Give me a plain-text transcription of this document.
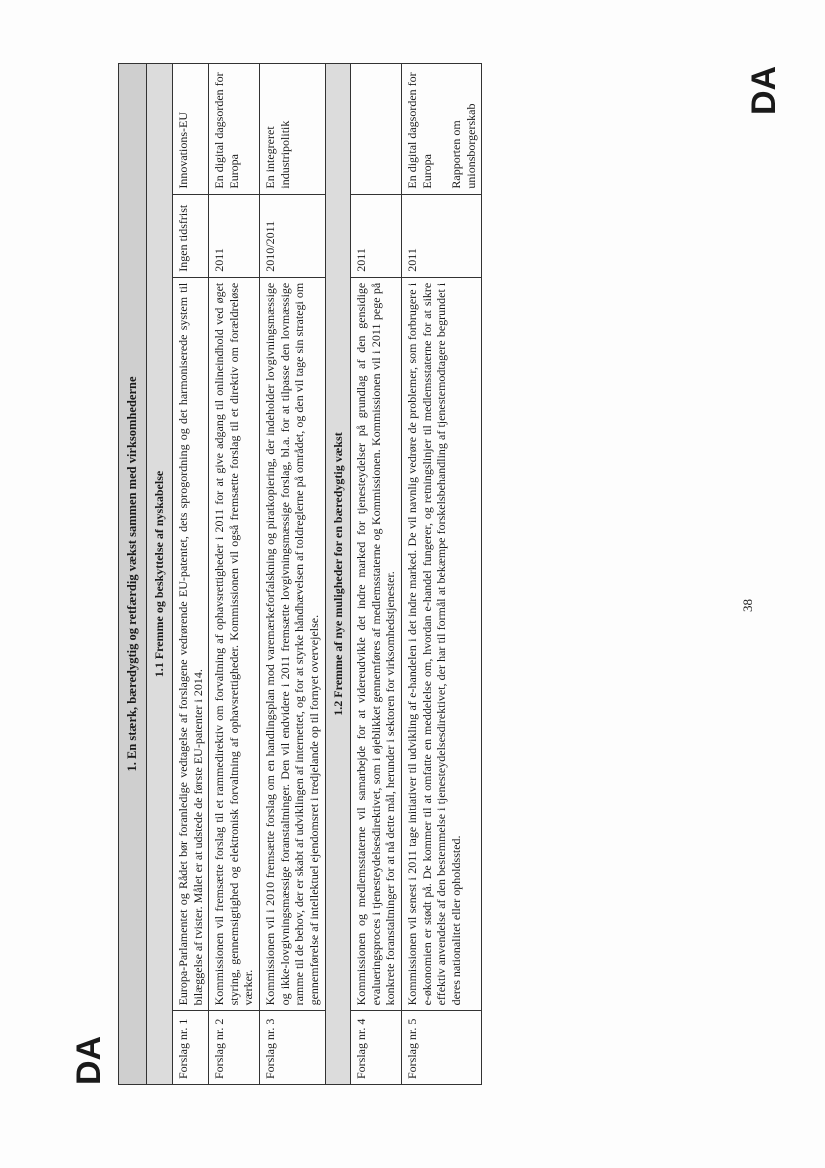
DA
DA
38
1. En stærk, bæredygtig og retfærdig vækst sammen med virksomhederne			
1.1 Fremme og beskyttelse af nyskabelse			
Forslag nr. 1	Europa-Parlamentet og Rådet bør foranledige vedtagelse af forslagene vedrørende EU-patentet, dets sprogordning og det harmoniserede system til bilæggelse af tvister. Målet er at udstede de første EU-patenter i 2014.	Ingen tidsfrist	Innovations-EU
Forslag nr. 2	Kommissionen vil fremsætte forslag til et rammedirektiv om forvaltning af ophavsrettigheder i 2011 for at give adgang til onlineindhold ved øget styring, gennemsigtighed og elektronisk forvaltning af ophavsrettigheder. Kommissionen vil også fremsætte forslag til et direktiv om forældreløse værker.	2011	En digital dagsorden for Europa
Forslag nr. 3	Kommissionen vil i 2010 fremsætte forslag om en handlingsplan mod varemærkeforfalskning og piratkopiering, der indeholder lovgivningsmæssige og ikke-lovgivningsmæssige foranstaltninger. Den vil endvidere i 2011 fremsætte lovgivningsmæssige forslag, bl.a. for at tilpasse den lovmæssige ramme til de behov, der er skabt af udviklingen af internettet, og for at styrke håndhævelsen af toldreglerne på området, og den vil tage sin strategi om gennemførelse af intellektuel ejendomsret i tredjelande op til fornyet overvejelse.	2010/2011	En integreret industripolitik
1.2 Fremme af nye muligheder for en bæredygtig vækst			
Forslag nr. 4	Kommissionen og medlemsstaterne vil samarbejde for at videreudvikle det indre marked for tjenesteydelser på grundlag af den gensidige evalueringsproces i tjenesteydelsesdirektivet, som i øjeblikket gennemføres af medlemsstaterne og Kommissionen. Kommissionen vil i 2011 pege på konkrete foranstaltninger for at nå dette mål, herunder i sektoren for virksomhedstjenester.	2011	
Forslag nr. 5	Kommissionen vil senest i 2011 tage initiativer til udvikling af e-handelen i det indre marked. De vil navnlig vedrøre de problemer, som forbrugere i e-økonomien er stødt på. De kommer til at omfatte en meddelelse om, hvordan e-handel fungerer, og retningslinjer til medlemsstaterne for at sikre effektiv anvendelse af den bestemmelse i tjenesteydelsesdirektivet, der har til formål at bekæmpe forskelsbehandling af tjenestemodtagere begrundet i deres nationalitet eller opholdssted.	2011	En digital dagsorden for Europa Rapporten om unionsborgerskab
